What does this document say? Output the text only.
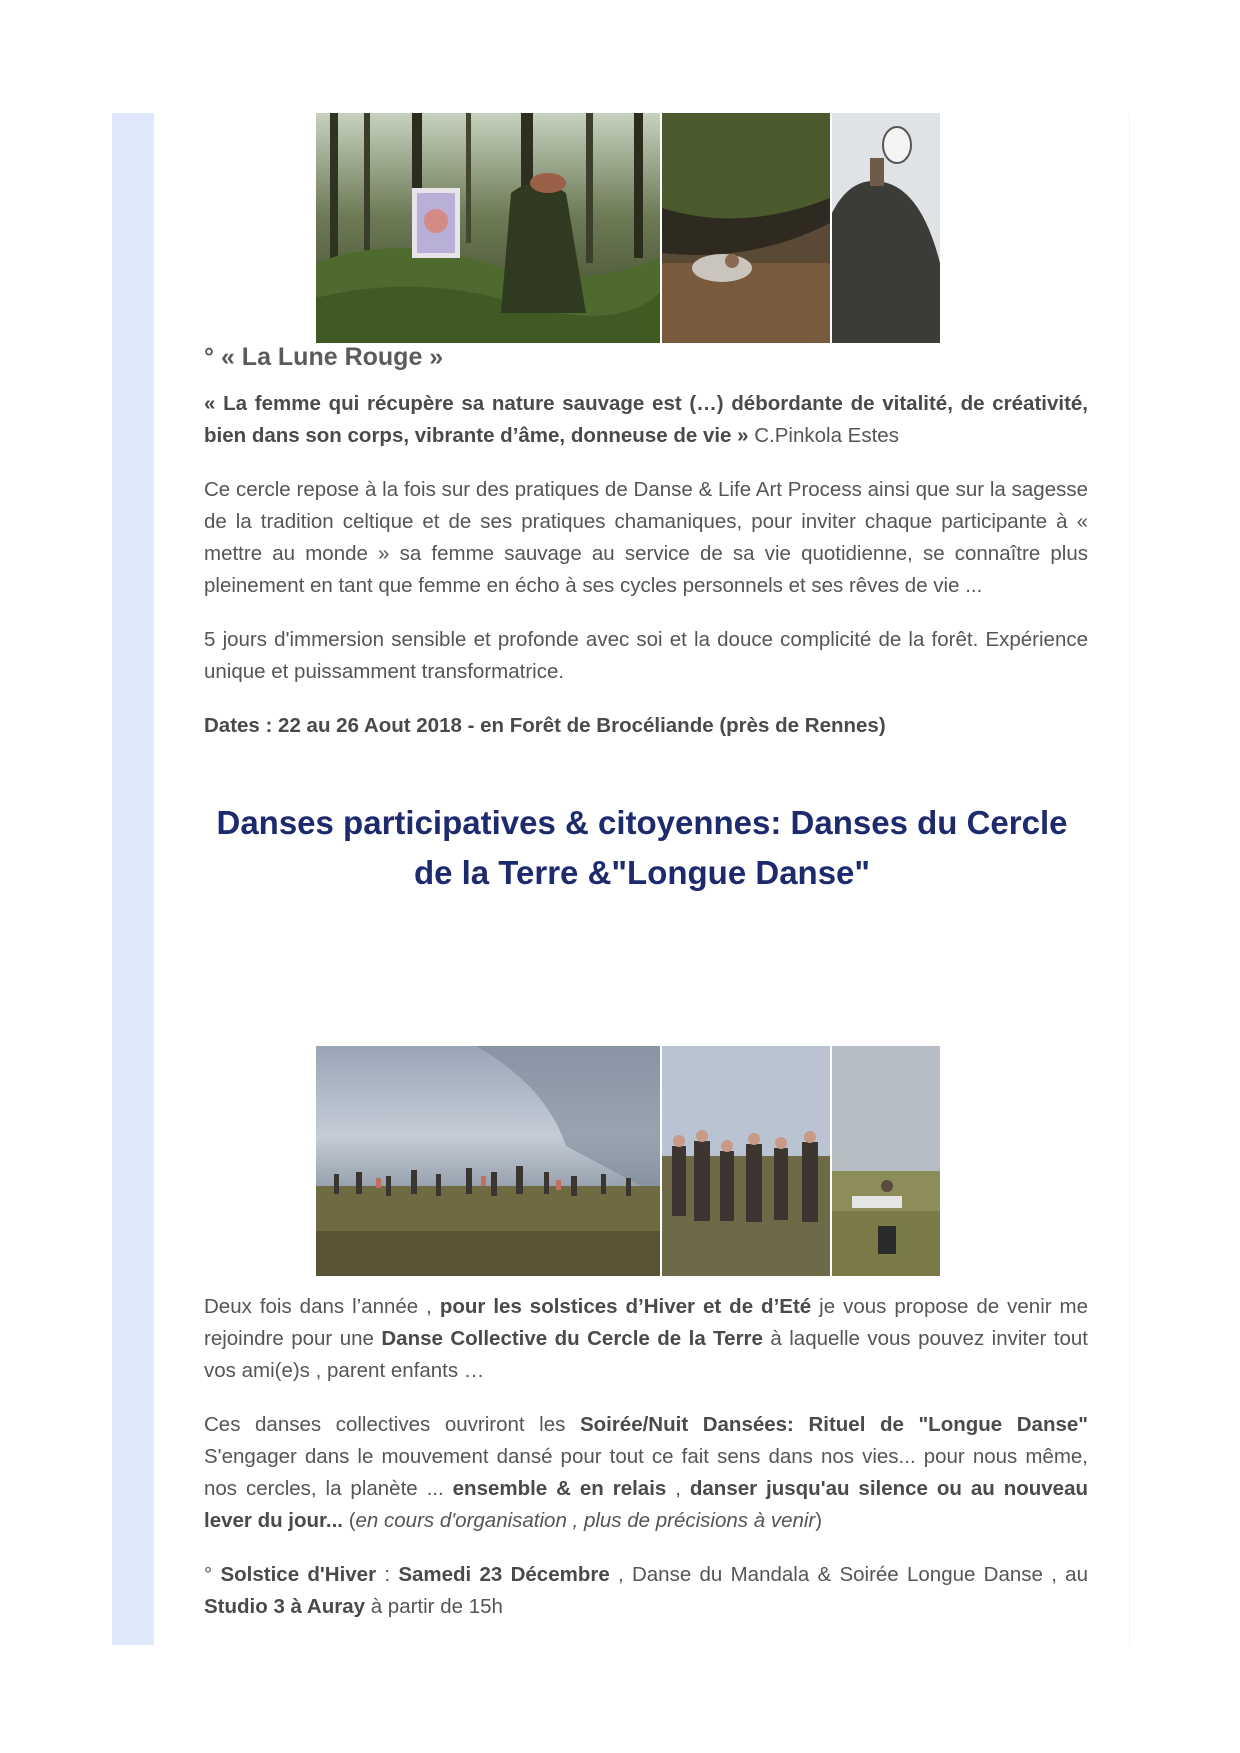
° « La Lune Rouge »

« La femme qui récupère sa nature sauvage est (…) débordante de vitalité, de créativité, bien dans son corps, vibrante d’âme, donneuse de vie » C.Pinkola Estes

Ce cercle repose à la fois sur des pratiques de Danse & Life Art Process ainsi que sur la sagesse de la tradition celtique et de ses pratiques chamaniques, pour inviter chaque participante à « mettre au monde » sa femme sauvage au service de sa vie quotidienne, se connaître plus pleinement en tant que femme en écho à ses cycles personnels et ses rêves de vie ...

5 jours d'immersion sensible et profonde avec soi et la douce complicité de la forêt. Expérience unique et puissamment transformatrice.

Dates : 22 au 26 Aout 2018 - en Forêt de Brocéliande (près de Rennes)

Danses participatives & citoyennes: Danses du Cercle
de la Terre &"Longue Danse"

Deux fois dans l’année , pour les solstices d’Hiver et de d’Eté je vous propose de venir me rejoindre pour une Danse Collective du Cercle de la Terre à laquelle vous pouvez inviter tout vos ami(e)s , parent enfants …

Ces danses collectives ouvriront les Soirée/Nuit Dansées: Rituel de "Longue Danse" S'engager dans le mouvement dansé pour tout ce fait sens dans nos vies... pour nous même, nos cercles, la planète ... ensemble & en relais , danser jusqu'au silence ou au nouveau lever du jour... (en cours d'organisation , plus de précisions à venir)

° Solstice d'Hiver : Samedi 23 Décembre , Danse du Mandala & Soirée Longue Danse , au Studio 3 à Auray à partir de 15h
